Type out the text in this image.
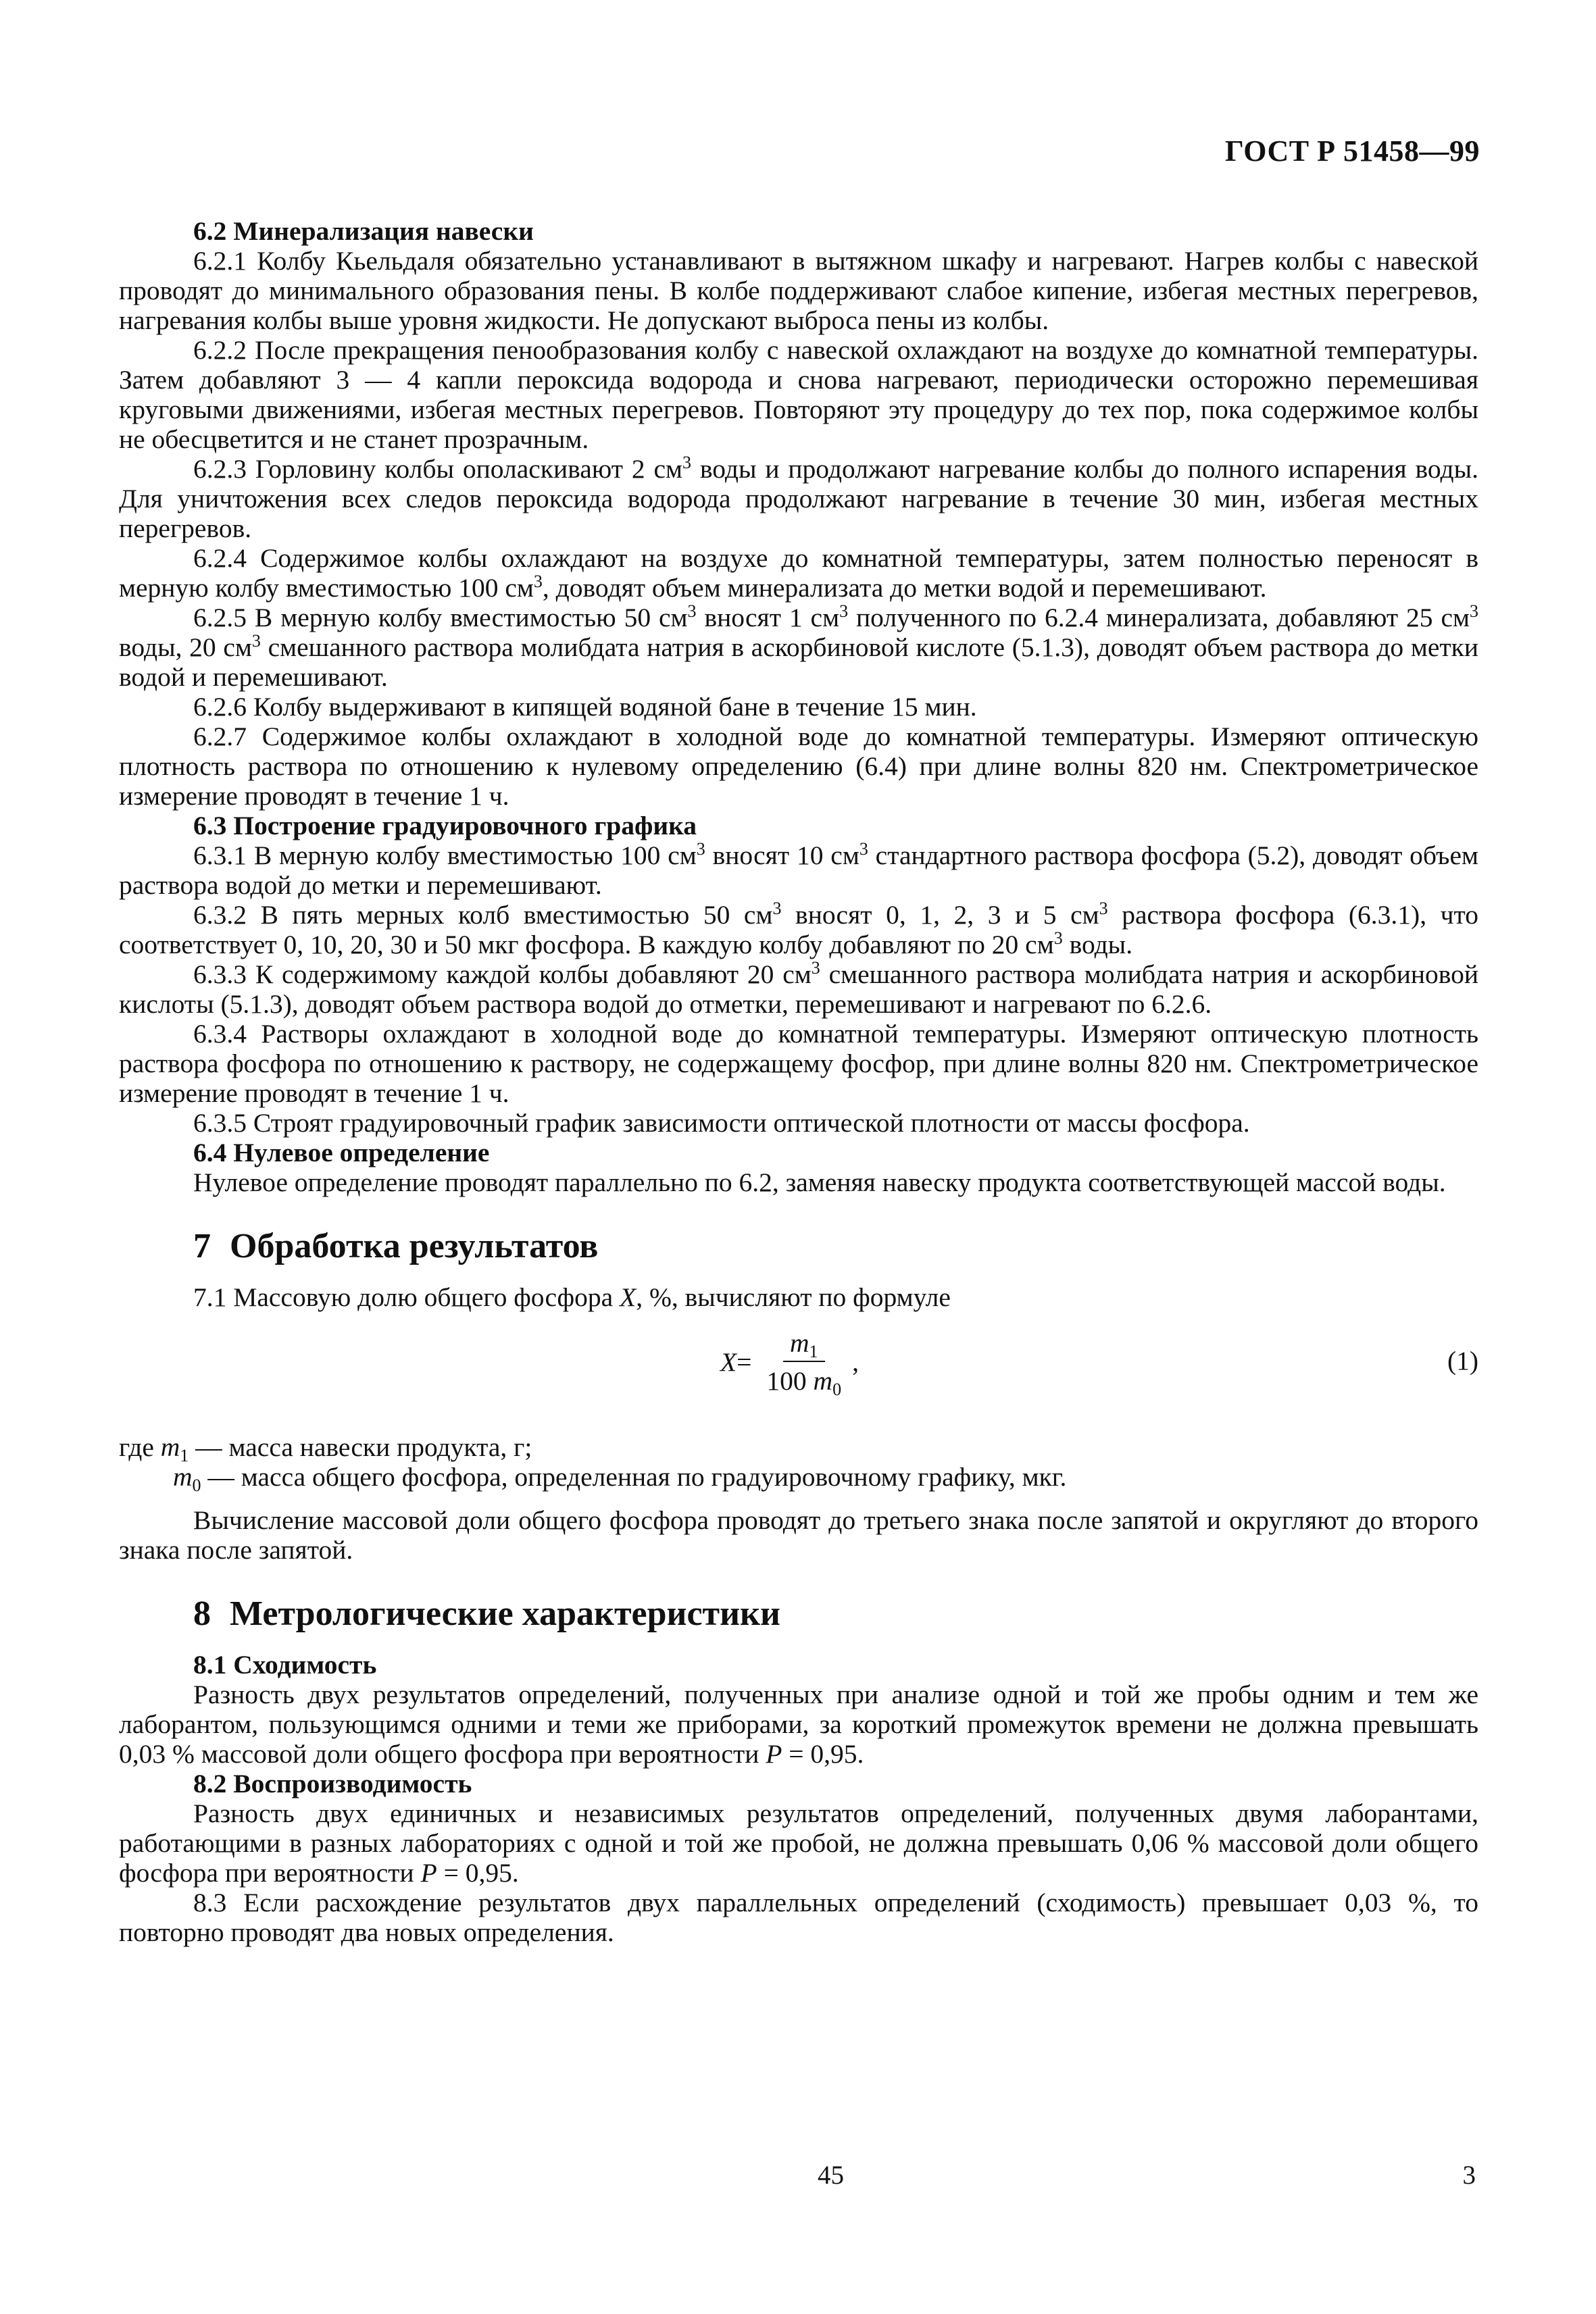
ГОСТ Р 51458—99

6.2 Минерализация навески

6.2.1 Колбу Кьельдаля обязательно устанавливают в вытяжном шкафу и нагревают. Нагрев колбы с навеской проводят до минимального образования пены. В колбе поддерживают слабое кипение, избегая местных перегревов, нагревания колбы выше уровня жидкости. Не допускают выброса пены из колбы.

6.2.2 После прекращения пенообразования колбу с навеской охлаждают на воздухе до комнатной температуры. Затем добавляют 3 — 4 капли пероксида водорода и снова нагревают, периодически осторожно перемешивая круговыми движениями, избегая местных перегревов. Повторяют эту процедуру до тех пор, пока содержимое колбы не обесцветится и не станет прозрачным.

6.2.3 Горловину колбы ополаскивают 2 $см^3$ воды и продолжают нагревание колбы до полного испарения воды. Для уничтожения всех следов пероксида водорода продолжают нагревание в течение 30 мин, избегая местных перегревов.

6.2.4 Содержимое колбы охлаждают на воздухе до комнатной температуры, затем полностью переносят в мерную колбу вместимостью 100 $см^3$, доводят объем минерализата до метки водой и перемешивают.

6.2.5 В мерную колбу вместимостью 50 $см^3$ вносят 1 $см^3$ полученного по 6.2.4 минерализата, добавляют 25 $см^3$ воды, 20 $см^3$ смешанного раствора молибдата натрия в аскорбиновой кислоте (5.1.3), доводят объем раствора до метки водой и перемешивают.

6.2.6 Колбу выдерживают в кипящей водяной бане в течение 15 мин.

6.2.7 Содержимое колбы охлаждают в холодной воде до комнатной температуры. Измеряют оптическую плотность раствора по отношению к нулевому определению (6.4) при длине волны 820 нм. Спектрометрическое измерение проводят в течение 1 ч.

6.3 Построение градуировочного графика

6.3.1 В мерную колбу вместимостью 100 $см^3$ вносят 10 $см^3$ стандартного раствора фосфора (5.2), доводят объем раствора водой до метки и перемешивают.

6.3.2 В пять мерных колб вместимостью 50 $см^3$ вносят 0, 1, 2, 3 и 5 $см^3$ раствора фосфора (6.3.1), что соответствует 0, 10, 20, 30 и 50 мкг фосфора. В каждую колбу добавляют по 20 $см^3$ воды.

6.3.3 К содержимому каждой колбы добавляют 20 $см^3$ смешанного раствора молибдата натрия и аскорбиновой кислоты (5.1.3), доводят объем раствора водой до отметки, перемешивают и нагревают по 6.2.6.

6.3.4 Растворы охлаждают в холодной воде до комнатной температуры. Измеряют оптическую плотность раствора фосфора по отношению к раствору, не содержащему фосфор, при длине волны 820 нм. Спектрометрическое измерение проводят в течение 1 ч.

6.3.5 Строят градуировочный график зависимости оптической плотности от массы фосфора.

6.4 Нулевое определение

Нулевое определение проводят параллельно по 6.2, заменяя навеску продукта соответствующей массой воды.

7 Обработка результатов

7.1 Массовую долю общего фосфора X, %, вычисляют по формуле

$X = \frac{m_1}{100 m_0}$ ,	(1)

где $m_1$ — масса навески продукта, г;

$m_0$ — масса общего фосфора, определенная по градуировочному графику, мкг.

Вычисление массовой доли общего фосфора проводят до третьего знака после запятой и округляют до второго знака после запятой.

8 Метрологические характеристики

8.1 Сходимость

Разность двух результатов определений, полученных при анализе одной и той же пробы одним и тем же лаборантом, пользующимся одними и теми же приборами, за короткий промежуток времени не должна превышать 0,03 % массовой доли общего фосфора при вероятности P = 0,95.

8.2 Воспроизводимость

Разность двух единичных и независимых результатов определений, полученных двумя лаборантами, работающими в разных лабораториях с одной и той же пробой, не должна превышать 0,06 % массовой доли общего фосфора при вероятности P = 0,95.

8.3 Если расхождение результатов двух параллельных определений (сходимость) превышает 0,03 %, то повторно проводят два новых определения.

45	3
